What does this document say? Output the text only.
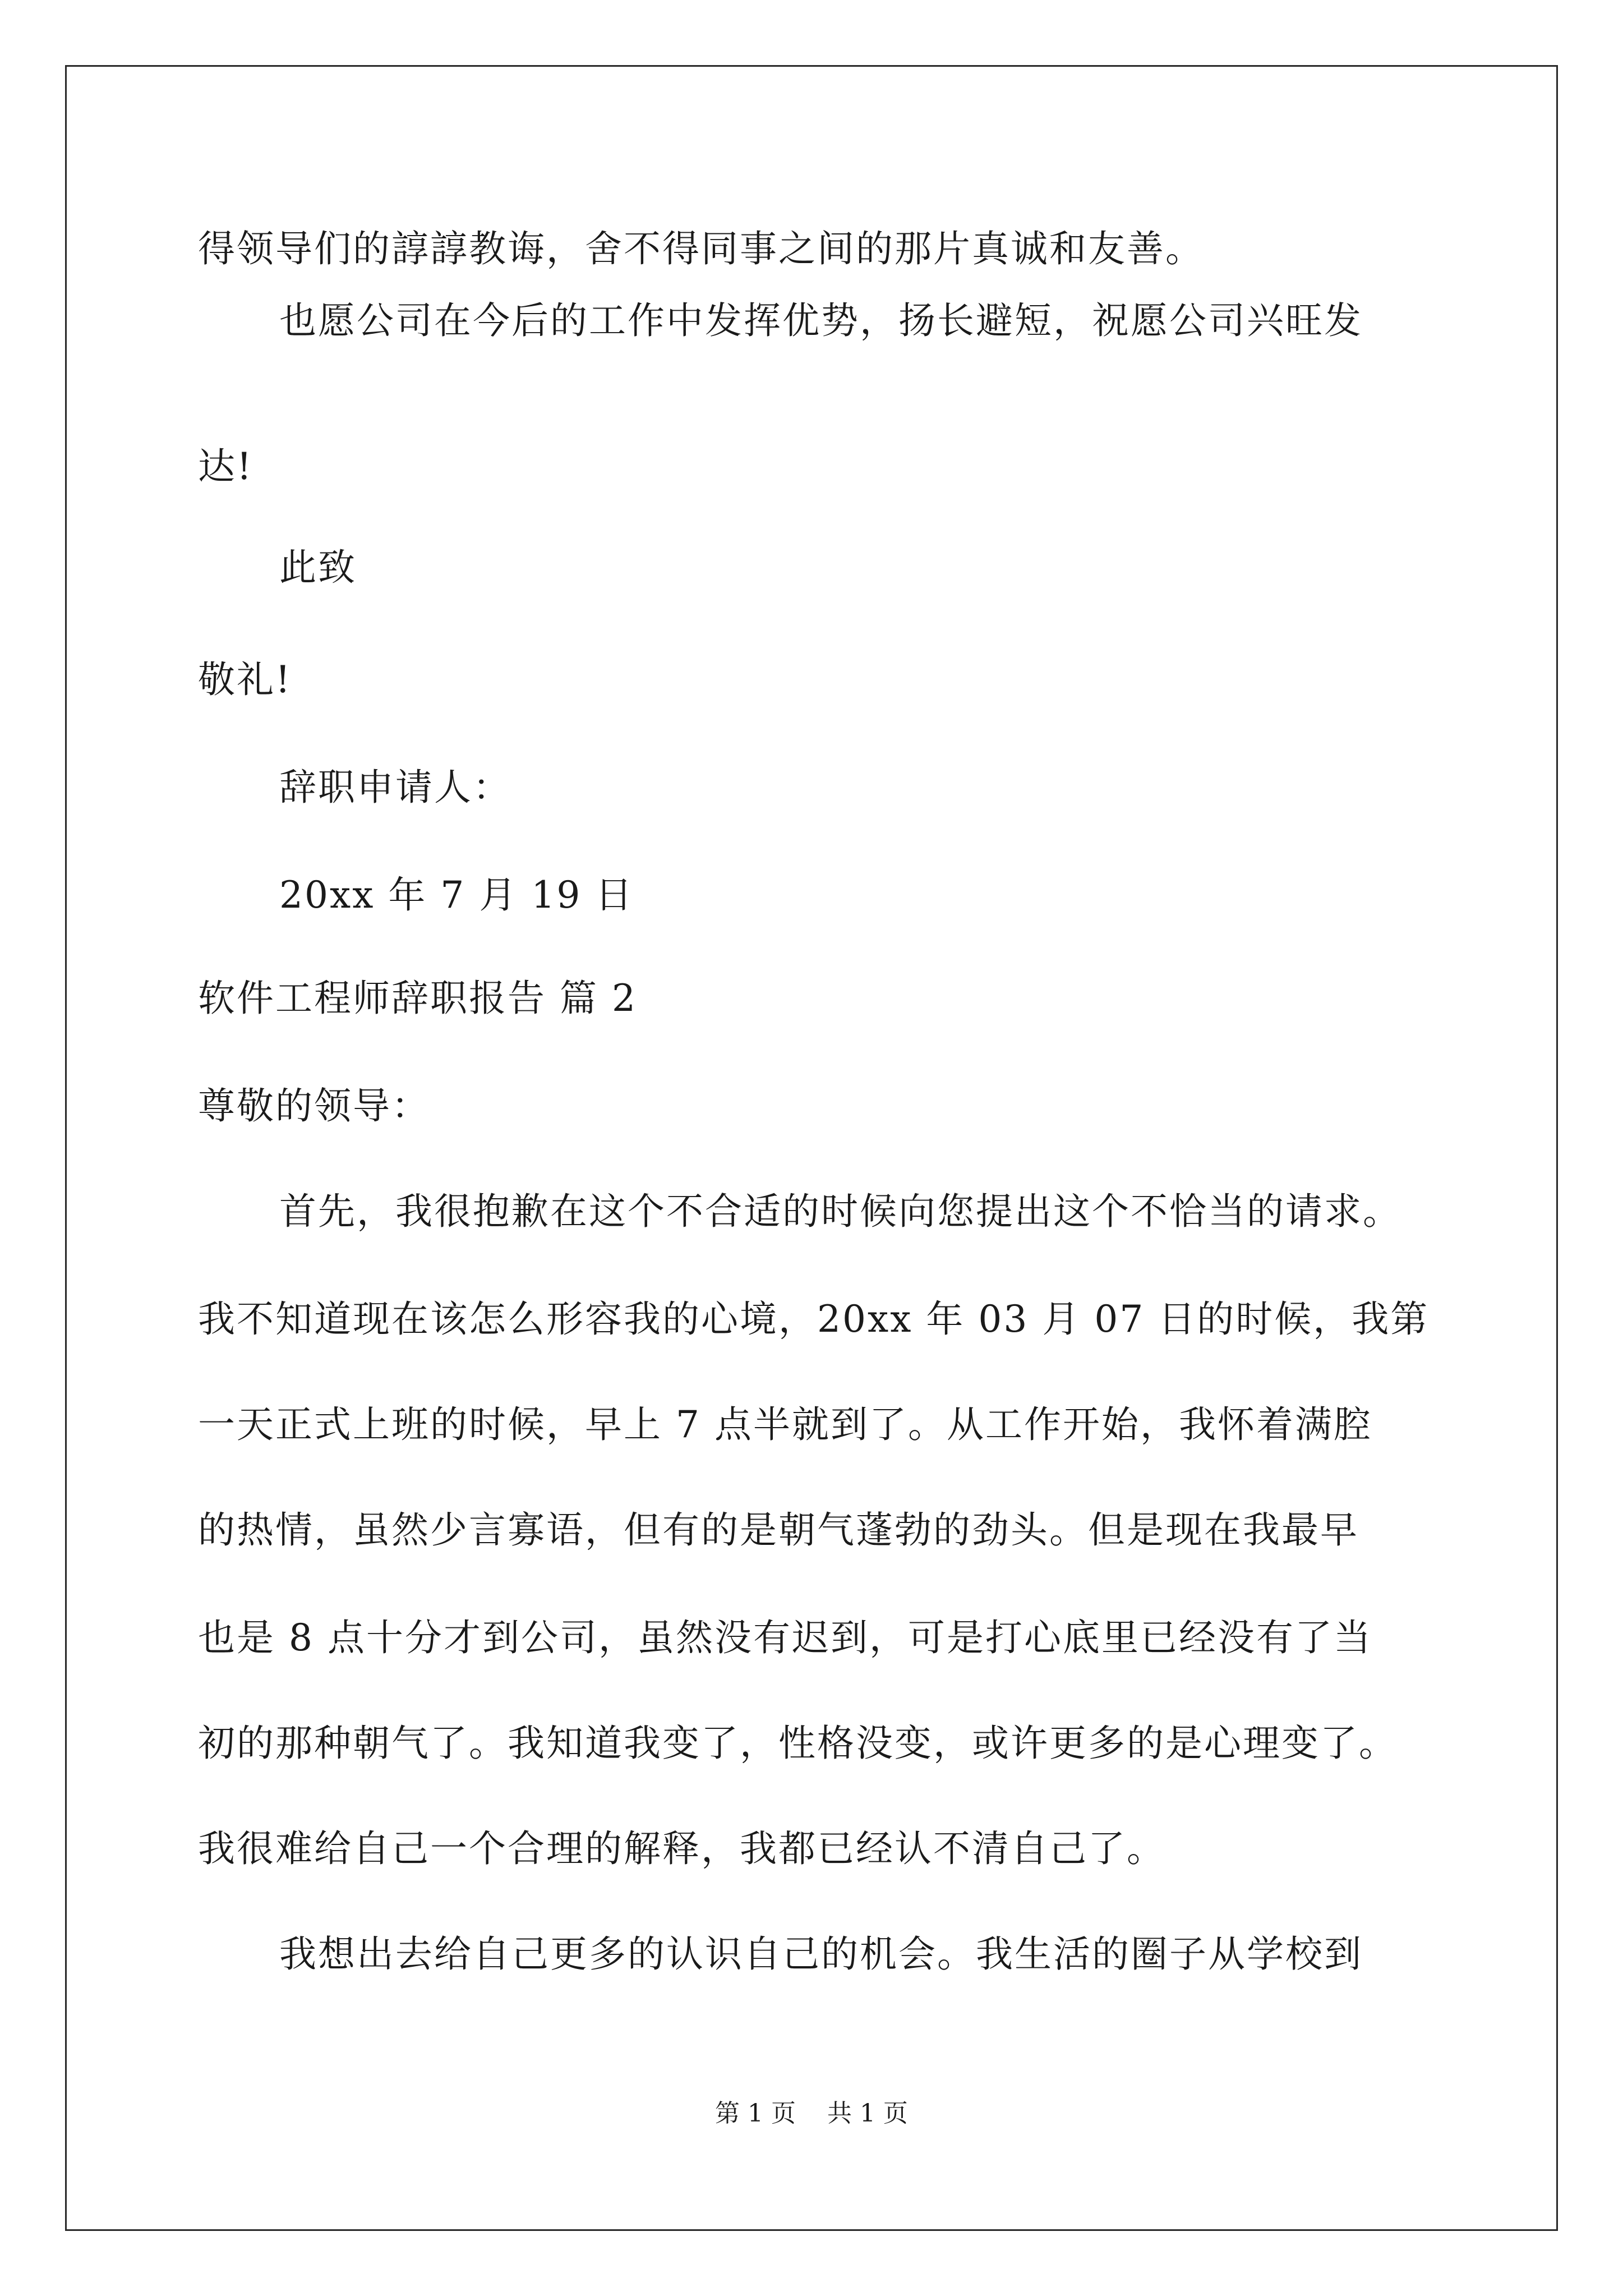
得领导们的諄諄教诲，舍不得同事之间的那片真诚和友善。
也愿公司在今后的工作中发挥优势，扬长避短，祝愿公司兴旺发
达!
此致
敬礼!
辞职申请人：
20xx 年 7 月 19 日
软件工程师辞职报告 篇 2
尊敬的领导：
首先，我很抱歉在这个不合适的时候向您提出这个不恰当的请求。
我不知道现在该怎么形容我的心境，20xx 年 03 月 07 日的时候，我第
一天正式上班的时候，早上 7 点半就到了。从工作开始，我怀着满腔
的热情，虽然少言寡语，但有的是朝气蓬勃的劲头。但是现在我最早
也是 8 点十分才到公司，虽然没有迟到，可是打心底里已经没有了当
初的那种朝气了。我知道我变了，性格没变，或许更多的是心理变了。
我很难给自己一个合理的解释，我都已经认不清自己了。
我想出去给自己更多的认识自己的机会。我生活的圈子从学校到
第 1 页    共 1 页
